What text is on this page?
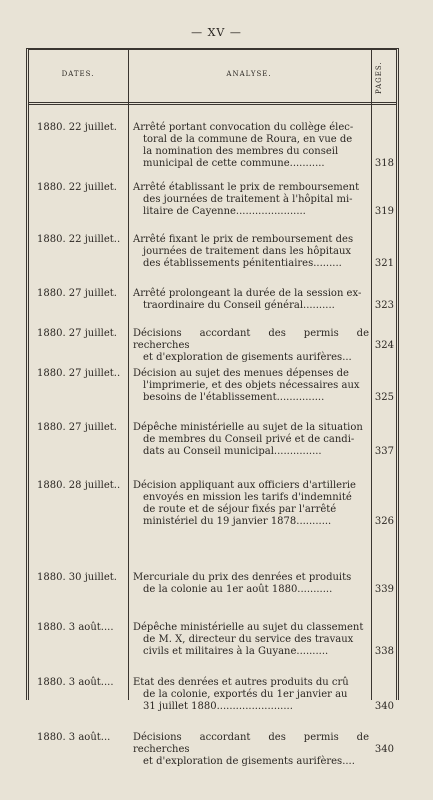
— XV —
DATES.	ANALYSE.	PAGES.
1880. 22 juillet.	Arrêté portant convocation du collège élec-
toral de la commune de Roura, en vue de
la nomination des membres du conseil
municipal de cette commune...........	318
1880. 22 juillet.	Arrêté établissant le prix de remboursement
des journées de traitement à l'hôpital mi-
litaire de Cayenne......................	319
1880. 22 juillet..	Arrêté fixant le prix de remboursement des
journées de traitement dans les hôpitaux
des établissements pénitentiaires.........	321
1880. 27 juillet.	Arrêté prolongeant la durée de la session ex-
traordinaire du Conseil général..........	323
1880. 27 juillet.	Décisions accordant des permis de recherches
et d'exploration de gisements aurifères...
324
1880. 27 juillet..	Décision au sujet des menues dépenses de
l'imprimerie, et des objets nécessaires aux
besoins de l'établissement...............	325
1880. 27 juillet.	Dépêche ministérielle au sujet de la situation
de membres du Conseil privé et de candi-
dats au Conseil municipal...............	337
1880. 28 juillet..	Décision appliquant aux officiers d'artillerie
envoyés en mission les tarifs d'indemnité
de route et de séjour fixés par l'arrêté
ministériel du 19 janvier 1878...........	326
1880. 30 juillet.	Mercuriale du prix des denrées et produits
de la colonie au 1er août 1880...........	339
1880. 3 août....	Dépêche ministérielle au sujet du classement
de M. X, directeur du service des travaux
civils et militaires à la Guyane..........	338
1880. 3 août....	Etat des denrées et autres produits du crû
de la colonie, exportés du 1er janvier au
31 juillet 1880........................	340
1880. 3 août...	Décisions accordant des permis de recherches
et d'exploration de gisements aurifères....
340
